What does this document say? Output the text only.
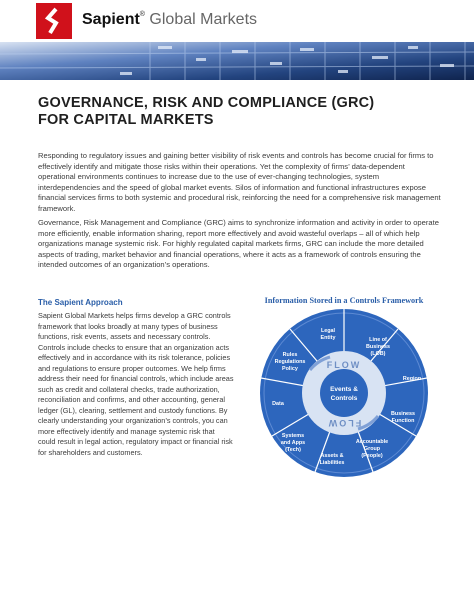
Sapient® Global Markets
GOVERNANCE, RISK AND COMPLIANCE (GRC)
FOR CAPITAL MARKETS

Responding to regulatory issues and gaining better visibility of risk events and controls has become crucial for firms to effectively identify and mitigate those risks within their operations. Yet the complexity of firms’ data-dependent operational environments continues to increase due to the use of ever-changing technologies, system interdependencies and the speed of global market events. Silos of information and functional infrastructures expose financial services firms to both systemic and procedural risk, reinforcing the need for a comprehensive risk management framework.

Governance, Risk Management and Compliance (GRC) aims to synchronize information and activity in order to operate more efficiently, enable information sharing, report more effectively and avoid wasteful overlaps – all of which help organizations manage systemic risk. For highly regulated capital markets firms, GRC can include the more detailed aspects of trading, market behavior and financial operations, where it acts as a framework of controls ensuring the intended outcomes of an organization’s operations.

The Sapient Approach

Sapient Global Markets helps firms develop a GRC controls framework that looks broadly at many types of business functions, risk events, assets and necessary controls. Controls include checks to ensure that an organization acts effectively and in accordance with its risk tolerance, policies and regulations to ensure proper outcomes. We help firms address their need for financial controls, which include areas such as credit and collateral checks, trade authorization, reconciliation and confirms, and other accounting, general ledger (GL), clearing, settlement and custody functions. By clearly understanding your organization’s controls, you can more effectively identify and manage systemic risk that could result in legal action, regulatory impact or financial risk for shareholders and customers.

Information Stored in a Controls Framework
FLOW
FLOW
Events &
Controls
Legal
Entity	Line of
Business
(LOB)
Region
Business
Function
Accountable
Group
(People)
Assets &
Liabilities
Systems
and Apps
(Tech)
Data
Rules
Regulations
Policy
